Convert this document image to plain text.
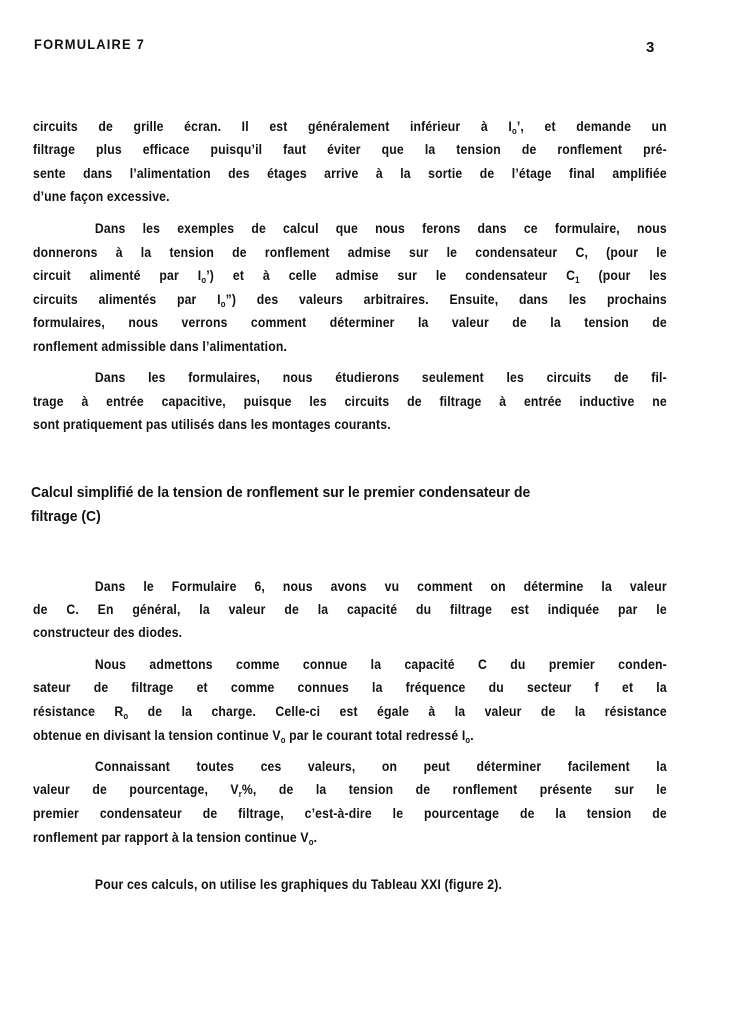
FORMULAIRE 7	3
circuits de grille écran. Il est généralement inférieur à $I_o$’, et demande un
filtrage plus efficace puisqu’il faut éviter que la tension de ronflement pré-
sente dans l’alimentation des étages arrive à la sortie de l’étage final amplifiée
d’une façon excessive.
Dans les exemples de calcul que nous ferons dans ce formulaire, nous
donnerons à la tension de ronflement admise sur le condensateur C, (pour le
circuit alimenté par $I_o$’) et à celle admise sur le condensateur $C_1$ (pour les
circuits alimentés par $I_o$”) des valeurs arbitraires. Ensuite, dans les prochains
formulaires, nous verrons comment déterminer la valeur de la tension de
ronflement admissible dans l’alimentation.
Dans les formulaires, nous étudierons seulement les circuits de fil-
trage à entrée capacitive, puisque les circuits de filtrage à entrée inductive ne
sont pratiquement pas utilisés dans les montages courants.
Calcul simplifié de la tension de ronflement sur le premier condensateur de
filtrage (C)
Dans le Formulaire 6, nous avons vu comment on détermine la valeur
de C. En général, la valeur de la capacité du filtrage est indiquée par le
constructeur des diodes.
Nous admettons comme connue la capacité C du premier conden-
sateur de filtrage et comme connues la fréquence du secteur f et la
résistance $R_o$ de la charge. Celle-ci est égale à la valeur de la résistance
obtenue en divisant la tension continue $V_o$ par le courant total redressé $I_o$.
Connaissant toutes ces valeurs, on peut déterminer facilement la
valeur de pourcentage, $V_r\%$, de la tension de ronflement présente sur le
premier condensateur de filtrage, c’est-à-dire le pourcentage de la tension de
ronflement par rapport à la tension continue $V_o$.
Pour ces calculs, on utilise les graphiques du Tableau XXI (figure 2).
